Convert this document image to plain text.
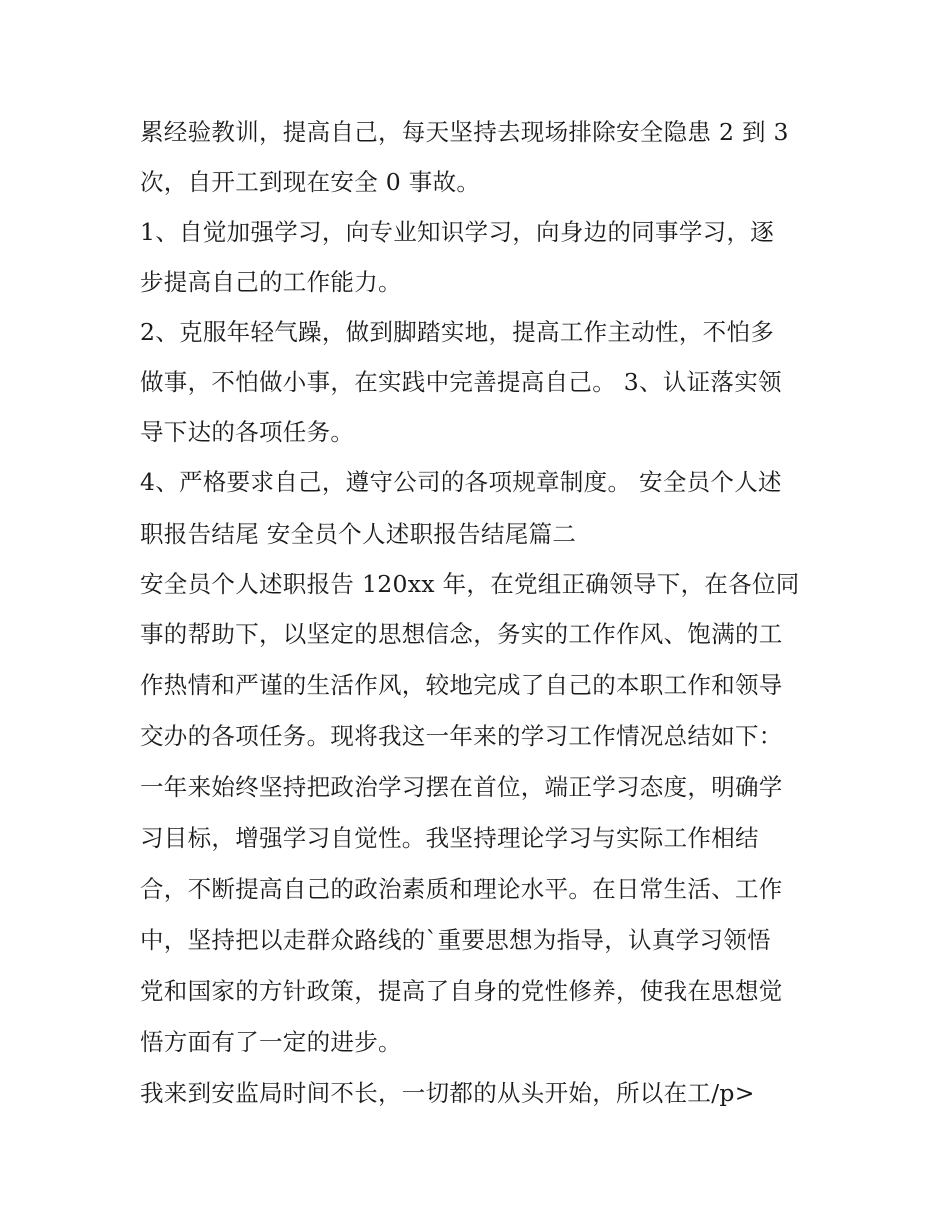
累经验教训，提高自己，每天坚持去现场排除安全隐患 2 到 3
次，自开工到现在安全 0 事故。
1、自觉加强学习，向专业知识学习，向身边的同事学习，逐
步提高自己的工作能力。
2、克服年轻气躁，做到脚踏实地，提高工作主动性，不怕多
做事，不怕做小事，在实践中完善提高自己。 3、认证落实领
导下达的各项任务。
4、严格要求自己，遵守公司的各项规章制度。 安全员个人述
职报告结尾 安全员个人述职报告结尾篇二
安全员个人述职报告 120xx 年，在党组正确领导下，在各位同
事的帮助下，以坚定的思想信念，务实的工作作风、饱满的工
作热情和严谨的生活作风，较地完成了自己的本职工作和领导
交办的各项任务。现将我这一年来的学习工作情况总结如下：
一年来始终坚持把政治学习摆在首位，端正学习态度，明确学
习目标，增强学习自觉性。我坚持理论学习与实际工作相结
合，不断提高自己的政治素质和理论水平。在日常生活、工作
中，坚持把以走群众路线的`重要思想为指导，认真学习领悟
党和国家的方针政策，提高了自身的党性修养，使我在思想觉
悟方面有了一定的进步。
我来到安监局时间不长，一切都的从头开始，所以在工/p>
